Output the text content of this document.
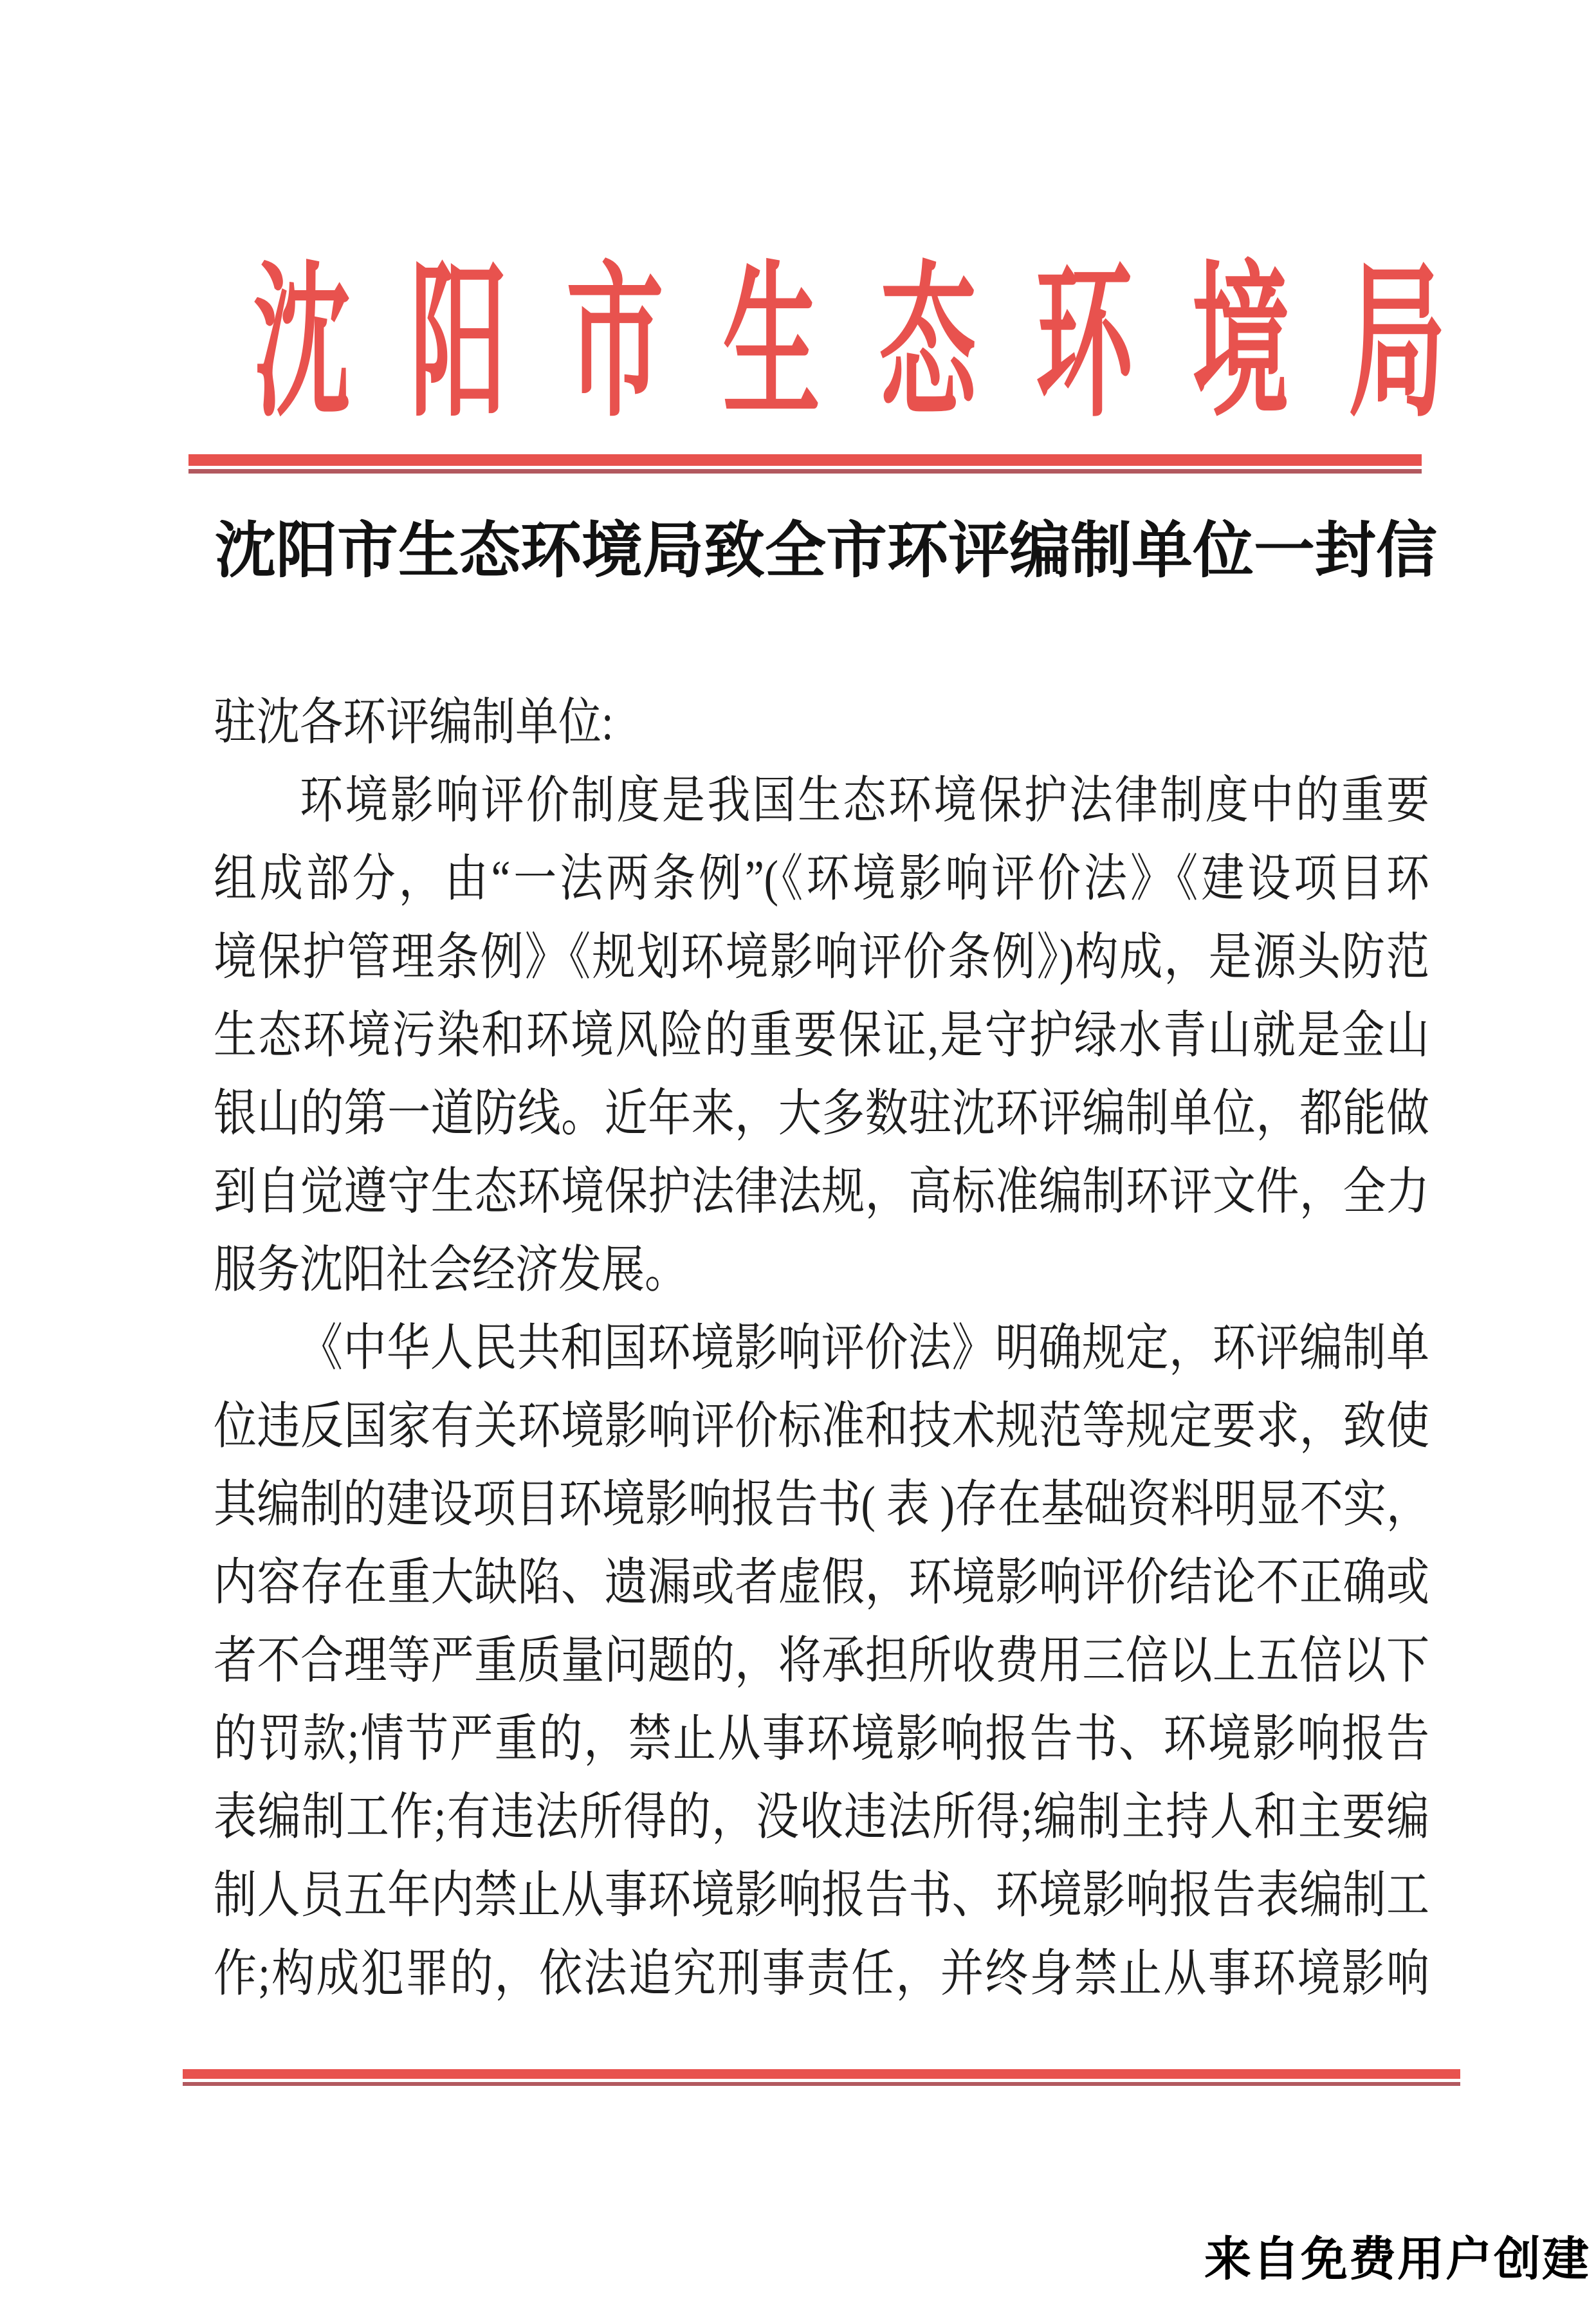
沈阳市生态环境局
沈阳市生态环境局致全市环评编制单位一封信
驻沈各环评编制单位:
环境影响评价制度是我国生态环境保护法律制度中的重要
组成部分，由“一法两条例”(《环境影响评价法》《建设项目环
境保护管理条例》《规划环境影响评价条例》)构成，是源头防范
生态环境污染和环境风险的重要保证,是守护绿水青山就是金山
银山的第一道防线。近年来，大多数驻沈环评编制单位，都能做
到自觉遵守生态环境保护法律法规，高标准编制环评文件，全力
服务沈阳社会经济发展。
《中华人民共和国环境影响评价法》明确规定，环评编制单
位违反国家有关环境影响评价标准和技术规范等规定要求，致使
其编制的建设项目环境影响报告书( 表 )存在基础资料明显不实，
内容存在重大缺陷、遗漏或者虚假，环境影响评价结论不正确或
者不合理等严重质量问题的，将承担所收费用三倍以上五倍以下
的罚款;情节严重的，禁止从事环境影响报告书、环境影响报告
表编制工作;有违法所得的，没收违法所得;编制主持人和主要编
制人员五年内禁止从事环境影响报告书、环境影响报告表编制工
作;构成犯罪的，依法追究刑事责任，并终身禁止从事环境影响
来自免费用户创建
